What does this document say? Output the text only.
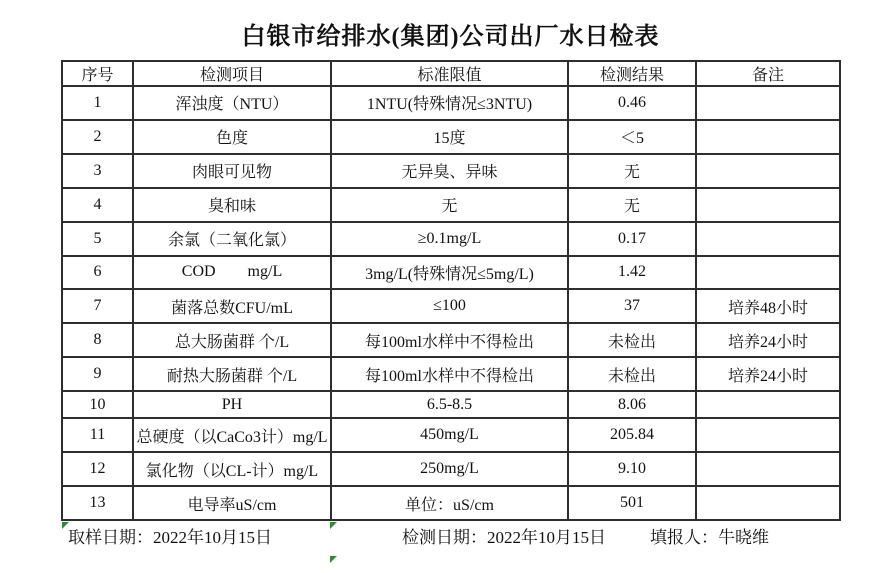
白银市给排水(集团)公司出厂水日检表
序号	检测项目	标准限值	检测结果	备注
1	浑浊度（NTU）	1NTU(特殊情况≤3NTU)	0.46	
2	色度	15度	＜5	
3	肉眼可见物	无异臭、异味	无	
4	臭和味	无	无	
5	余氯（二氧化氯）	≥0.1mg/L	0.17	
6	COD        mg/L	3mg/L(特殊情况≤5mg/L)	1.42	
7	菌落总数CFU/mL	≤100	37	培养48小时
8	总大肠菌群 个/L	每100ml水样中不得检出	未检出	培养24小时
9	耐热大肠菌群 个/L	每100ml水样中不得检出	未检出	培养24小时
10	PH	6.5-8.5	8.06	
11	总硬度（以CaCo3计）mg/L	450mg/L	205.84	
12	氯化物（以CL-计）mg/L	250mg/L	9.10	
13	电导率uS/cm	单位：uS/cm	501	
取样日期：2022年10月15日	检测日期：2022年10月15日	填报人：牛晓维
